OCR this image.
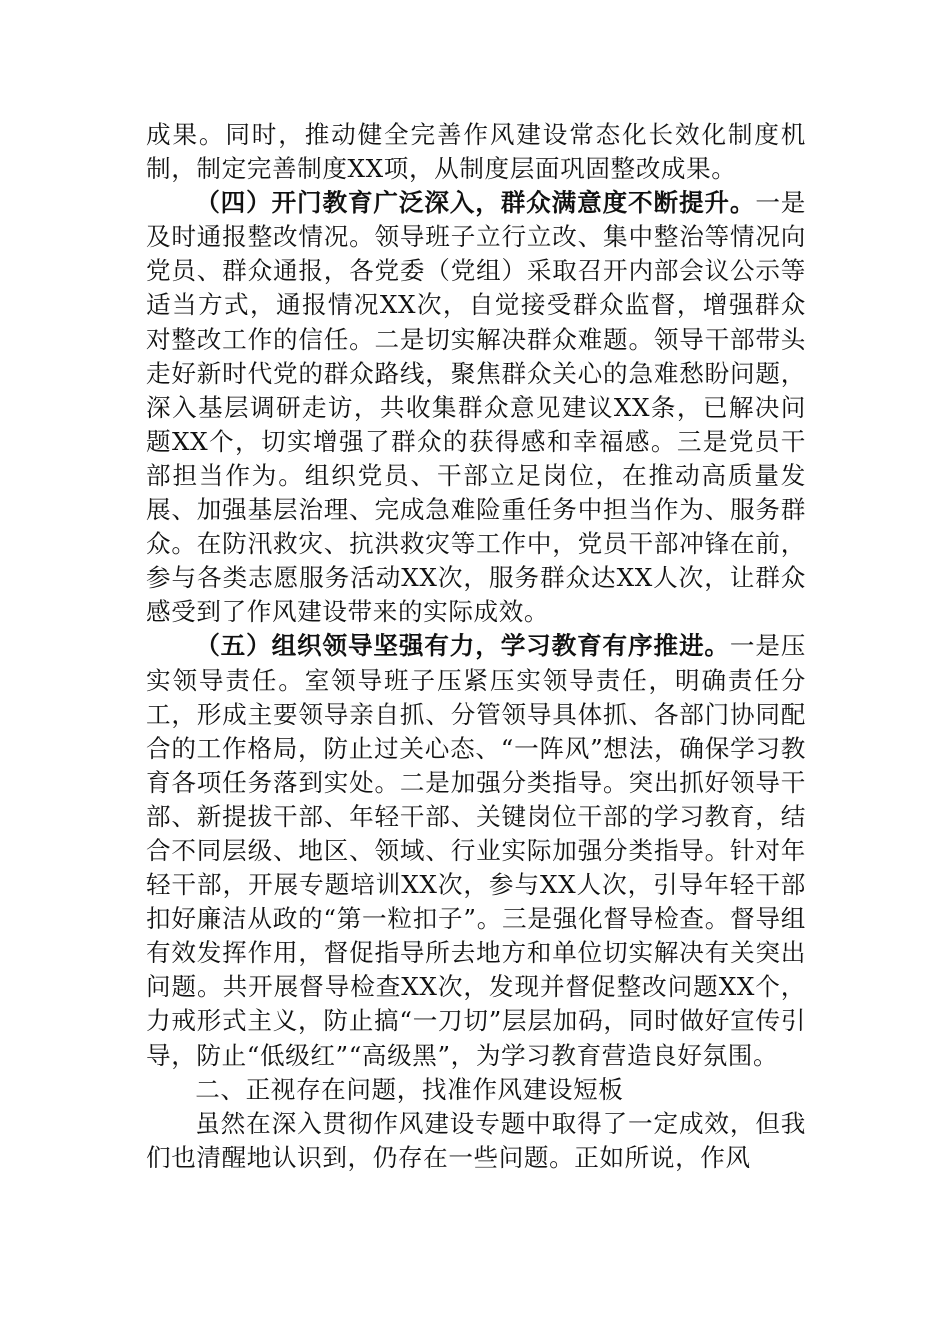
成果。同时，推动健全完善作风建设常态化长效化制度机制，制定完善制度XX项，从制度层面巩固整改成果。

（四）开门教育广泛深入，群众满意度不断提升。一是及时通报整改情况。领导班子立行立改、集中整治等情况向党员、群众通报，各党委（党组）采取召开内部会议公示等适当方式，通报情况XX次，自觉接受群众监督，增强群众对整改工作的信任。二是切实解决群众难题。领导干部带头走好新时代党的群众路线，聚焦群众关心的急难愁盼问题，深入基层调研走访，共收集群众意见建议XX条，已解决问题XX个，切实增强了群众的获得感和幸福感。三是党员干部担当作为。组织党员、干部立足岗位，在推动高质量发展、加强基层治理、完成急难险重任务中担当作为、服务群众。在防汛救灾、抗洪救灾等工作中，党员干部冲锋在前，参与各类志愿服务活动XX次，服务群众达XX人次，让群众感受到了作风建设带来的实际成效。

（五）组织领导坚强有力，学习教育有序推进。一是压实领导责任。室领导班子压紧压实领导责任，明确责任分工，形成主要领导亲自抓、分管领导具体抓、各部门协同配合的工作格局，防止过关心态、“一阵风”想法，确保学习教育各项任务落到实处。二是加强分类指导。突出抓好领导干部、新提拔干部、年轻干部、关键岗位干部的学习教育，结合不同层级、地区、领域、行业实际加强分类指导。针对年轻干部，开展专题培训XX次，参与XX人次，引导年轻干部扣好廉洁从政的“第一粒扣子”。三是强化督导检查。督导组有效发挥作用，督促指导所去地方和单位切实解决有关突出问题。共开展督导检查XX次，发现并督促整改问题XX个，力戒形式主义，防止搞“一刀切”层层加码，同时做好宣传引导，防止“低级红”“高级黑”，为学习教育营造良好氛围。

二、正视存在问题，找准作风建设短板

虽然在深入贯彻作风建设专题中取得了一定成效，但我们也清醒地认识到，仍存在一些问题。正如所说，作风
